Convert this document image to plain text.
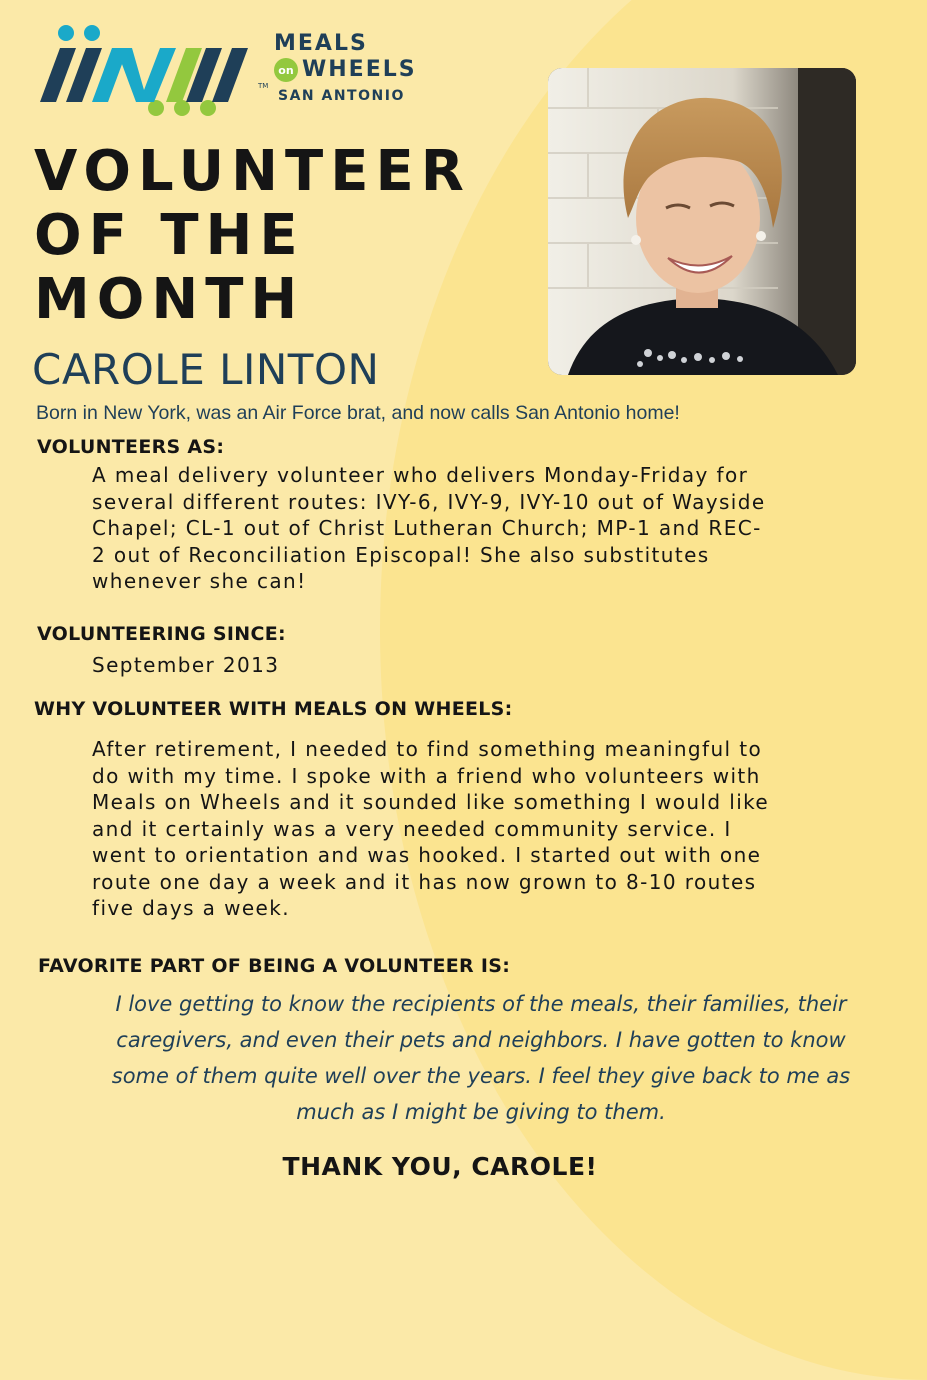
TM
MEALS
on WHEELS
SAN ANTONIO
VOLUNTEER
OF THE
MONTH
CAROLE LINTON
Born in New York, was an Air Force brat, and now calls San Antonio home!
VOLUNTEERS AS:
A meal delivery volunteer who delivers Monday-Friday for
several different routes: IVY-6, IVY-9, IVY-10 out of Wayside
Chapel; CL-1 out of Christ Lutheran Church; MP-1 and REC-
2 out of Reconciliation Episcopal! She also substitutes
whenever she can!
VOLUNTEERING SINCE:
September 2013
WHY VOLUNTEER WITH MEALS ON WHEELS:
After retirement, I needed to find something meaningful to
do with my time. I spoke with a friend who volunteers with
Meals on Wheels and it sounded like something I would like
and it certainly was a very needed community service. I
went to orientation and was hooked. I started out with one
route one day a week and it has now grown to 8-10 routes
five days a week.
FAVORITE PART OF BEING A VOLUNTEER IS:
I love getting to know the recipients of the meals, their families, their
caregivers, and even their pets and neighbors. I have gotten to know
some of them quite well over the years. I feel they give back to me as
much as I might be giving to them.
THANK YOU, CAROLE!
